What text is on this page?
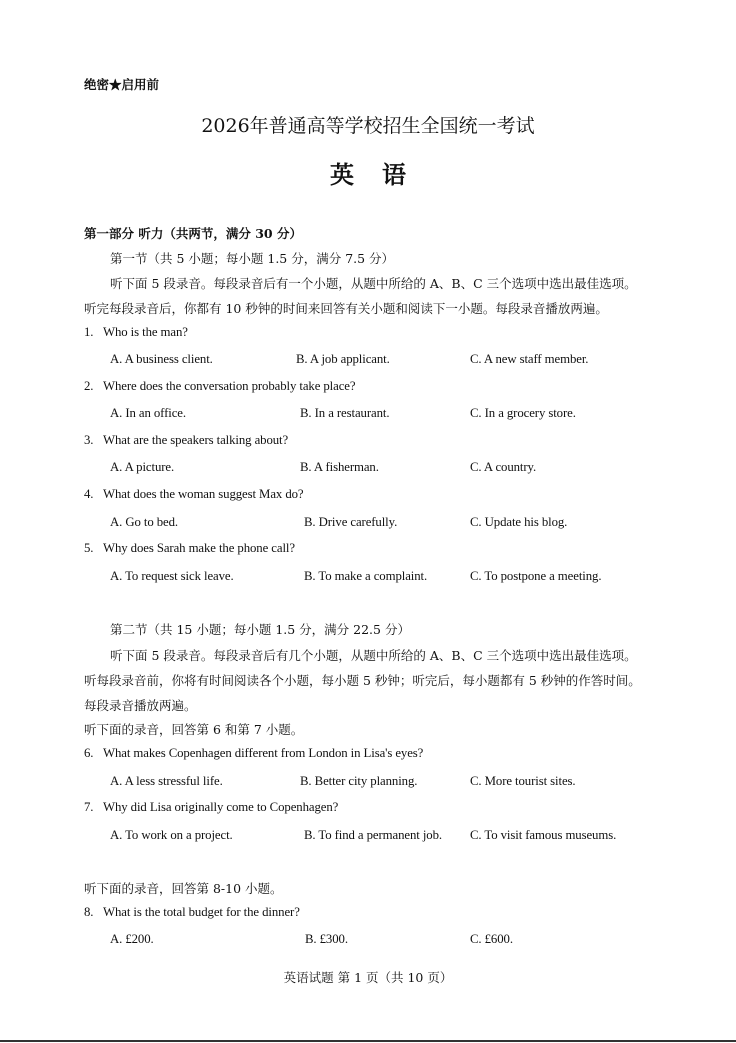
绝密★启用前
2026年普通高等学校招生全国统一考试
英语
第一部分 听力（共两节，满分 30 分）
第一节（共 5 小题；每小题 1.5 分，满分 7.5 分）
听下面 5 段录音。每段录音后有一个小题，从题中所给的 A、B、C 三个选项中选出最佳选项。
听完每段录音后，你都有 10 秒钟的时间来回答有关小题和阅读下一小题。每段录音播放两遍。
1. Who is the man?
A. A business client.	B. A job applicant.	C. A new staff member.
2. Where does the conversation probably take place?
A. In an office.	B. In a restaurant.	C. In a grocery store.
3. What are the speakers talking about?
A. A picture.	B. A fisherman.	C. A country.
4. What does the woman suggest Max do?
A. Go to bed.	B. Drive carefully.	C. Update his blog.
5. Why does Sarah make the phone call?
A. To request sick leave.	B. To make a complaint.	C. To postpone a meeting.
第二节（共 15 小题；每小题 1.5 分，满分 22.5 分）
听下面 5 段录音。每段录音后有几个小题，从题中所给的 A、B、C 三个选项中选出最佳选项。
听每段录音前，你将有时间阅读各个小题，每小题 5 秒钟；听完后，每小题都有 5 秒钟的作答时间。
每段录音播放两遍。
听下面的录音，回答第 6 和第 7 小题。
6. What makes Copenhagen different from London in Lisa's eyes?
A. A less stressful life.	B. Better city planning.	C. More tourist sites.
7. Why did Lisa originally come to Copenhagen?
A. To work on a project.	B. To find a permanent job. C. To visit famous museums.
听下面的录音，回答第 8-10 小题。
8. What is the total budget for the dinner?
A. £200.	B. £300.	C. £600.
英语试题 第 1 页（共 10 页）
